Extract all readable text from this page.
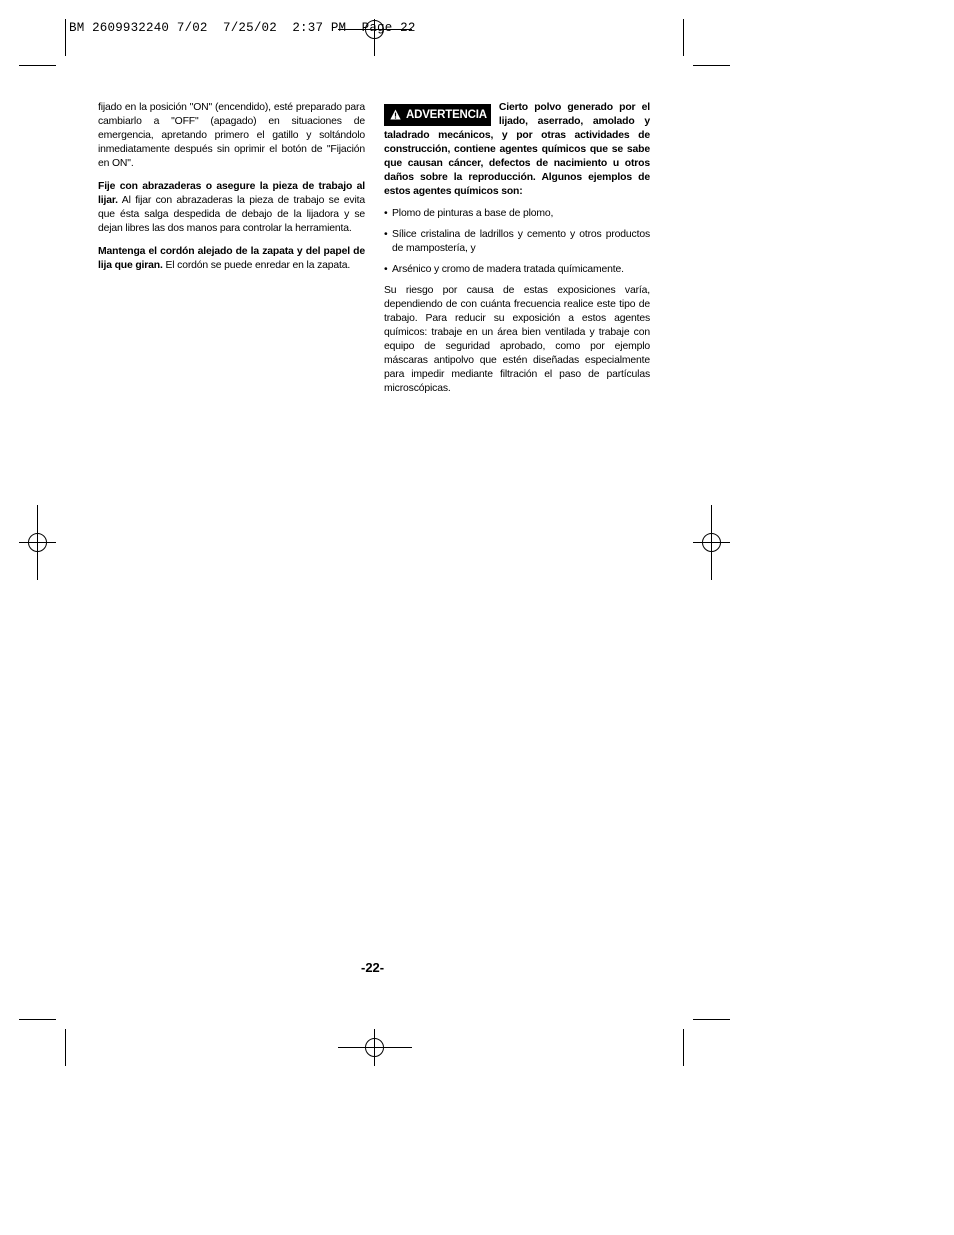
BM 2609932240 7/02  7/25/02  2:37 PM  Page 22

fijado en la posición "ON" (encendido), esté preparado para cambiarlo a "OFF" (apagado) en situaciones de emergencia, apretando primero el gatillo y soltándolo inmediatamente después sin oprimir el botón de "Fijación en ON".

Fije con abrazaderas o asegure la pieza de trabajo al lijar. Al fijar con abrazaderas la pieza de trabajo se evita que ésta salga despedida de debajo de la lijadora y se dejan libres las dos manos para controlar la herramienta.

Mantenga el cordón alejado de la zapata y del papel de lija que giran. El cordón se puede enredar en la zapata.

ADVERTENCIA
Cierto polvo generado por el lijado, aserrado, amolado y taladrado mecánicos, y por otras actividades de construcción, contiene agentes químicos que se sabe que causan cáncer, defectos de nacimiento u otros daños sobre la reproducción. Algunos ejemplos de estos agentes químicos son:
• Plomo de pinturas a base de plomo,
• Sílice cristalina de ladrillos y cemento y otros productos de mampostería, y
• Arsénico y cromo de madera tratada químicamente.

Su riesgo por causa de estas exposiciones varía, dependiendo de con cuánta frecuencia realice este tipo de trabajo. Para reducir su exposición a estos agentes químicos: trabaje en un área bien ventilada y trabaje con equipo de seguridad aprobado, como por ejemplo máscaras antipolvo que estén diseñadas especialmente para impedir mediante filtración el paso de partículas microscópicas.

-22-
